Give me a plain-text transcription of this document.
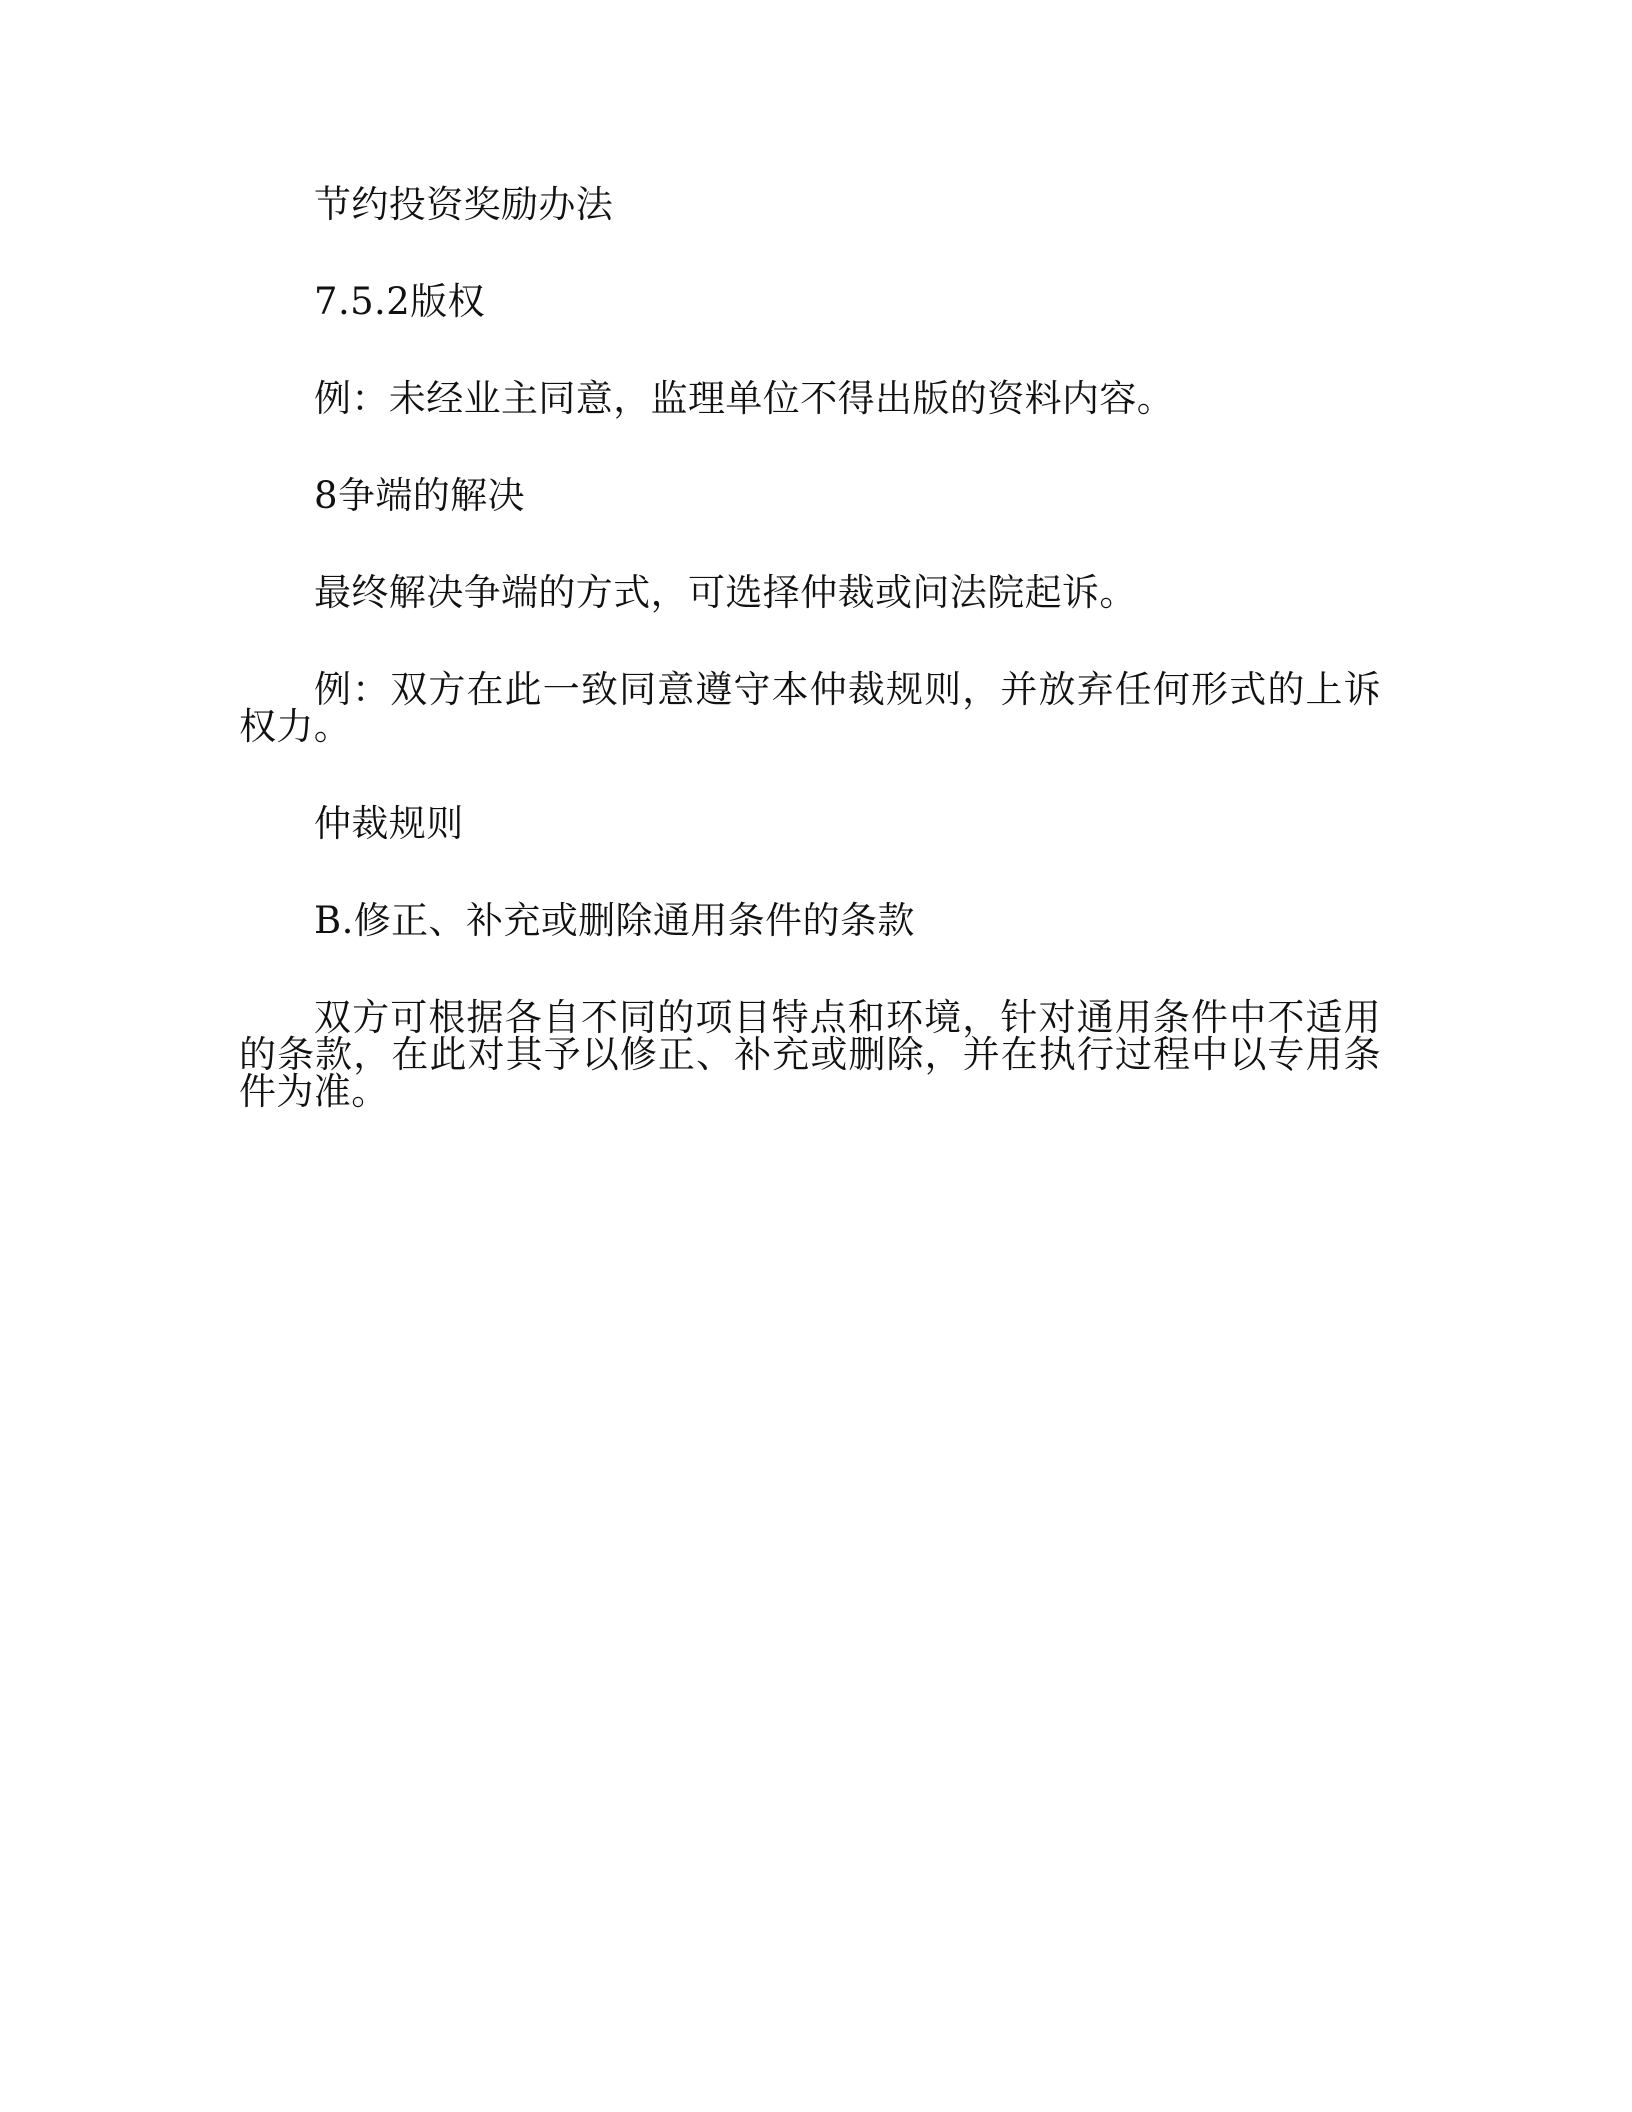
节约投资奖励办法

7.5.2版权

例：未经业主同意，监理单位不得出版的资料内容。

8争端的解决

最终解决争端的方式，可选择仲裁或问法院起诉。

例：双方在此一致同意遵守本仲裁规则，并放弃任何形式的上诉权力。

仲裁规则

B.修正、补充或删除通用条件的条款

双方可根据各自不同的项目特点和环境，针对通用条件中不适用的条款，在此对其予以修正、补充或删除，并在执行过程中以专用条件为准。
